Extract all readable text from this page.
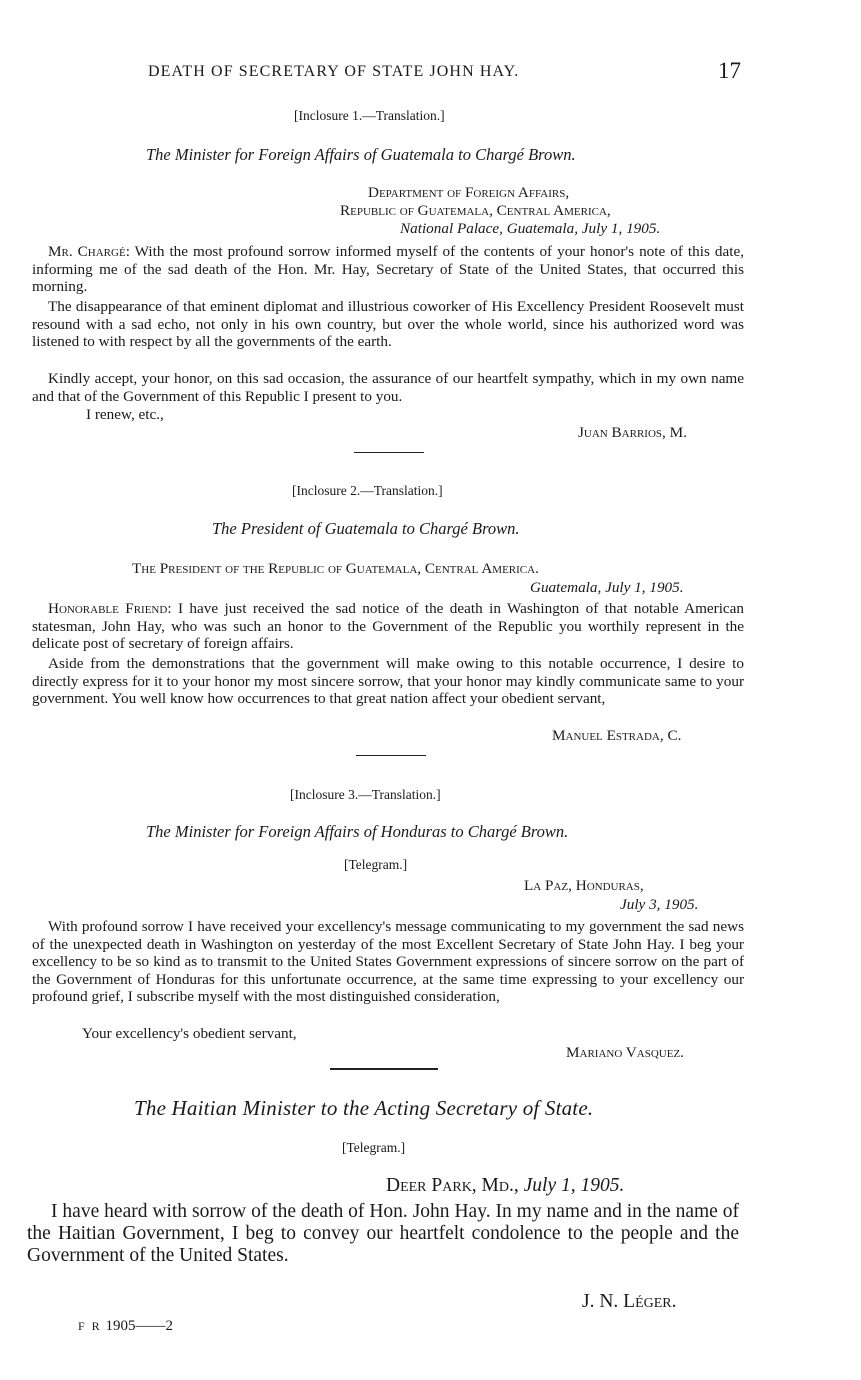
DEATH OF SECRETARY OF STATE JOHN HAY.	17
[Inclosure 1.—Translation.]
The Minister for Foreign Affairs of Guatemala to Chargé Brown.
Department of Foreign Affairs,
Republic of Guatemala, Central America,
National Palace, Guatemala, July 1, 1905.
Mr. Chargé: With the most profound sorrow informed myself of the contents of your honor's note of this date, informing me of the sad death of the Hon. Mr. Hay, Secretary of State of the United States, that occurred this morning.
The disappearance of that eminent diplomat and illustrious coworker of His Excellency President Roosevelt must resound with a sad echo, not only in his own country, but over the whole world, since his authorized word was listened to with respect by all the governments of the earth.
Kindly accept, your honor, on this sad occasion, the assurance of our heartfelt sympathy, which in my own name and that of the Government of this Republic I present to you.
I renew, etc.,
Juan Barrios, M.
[Inclosure 2.—Translation.]
The President of Guatemala to Chargé Brown.
The President of the Republic of Guatemala, Central America.
Guatemala, July 1, 1905.
Honorable Friend: I have just received the sad notice of the death in Washington of that notable American statesman, John Hay, who was such an honor to the Government of the Republic you worthily represent in the delicate post of secretary of foreign affairs.
Aside from the demonstrations that the government will make owing to this notable occurrence, I desire to directly express for it to your honor my most sincere sorrow, that your honor may kindly communicate same to your government. You well know how occurrences to that great nation affect your obedient servant,
Manuel Estrada, C.
[Inclosure 3.—Translation.]
The Minister for Foreign Affairs of Honduras to Chargé Brown.
[Telegram.]
La Paz, Honduras,
July 3, 1905.
With profound sorrow I have received your excellency's message communicating to my government the sad news of the unexpected death in Washington on yesterday of the most Excellent Secretary of State John Hay. I beg your excellency to be so kind as to transmit to the United States Government expressions of sincere sorrow on the part of the Government of Honduras for this unfortunate occurrence, at the same time expressing to your excellency our profound grief, I subscribe myself with the most distinguished consideration,
Your excellency's obedient servant,
Mariano Vasquez.
The Haitian Minister to the Acting Secretary of State.
[Telegram.]
Deer Park, Md., July 1, 1905.
I have heard with sorrow of the death of Hon. John Hay. In my name and in the name of the Haitian Government, I beg to convey our heartfelt condolence to the people and the Government of the United States.
J. N. Léger.
F R 1905——2
